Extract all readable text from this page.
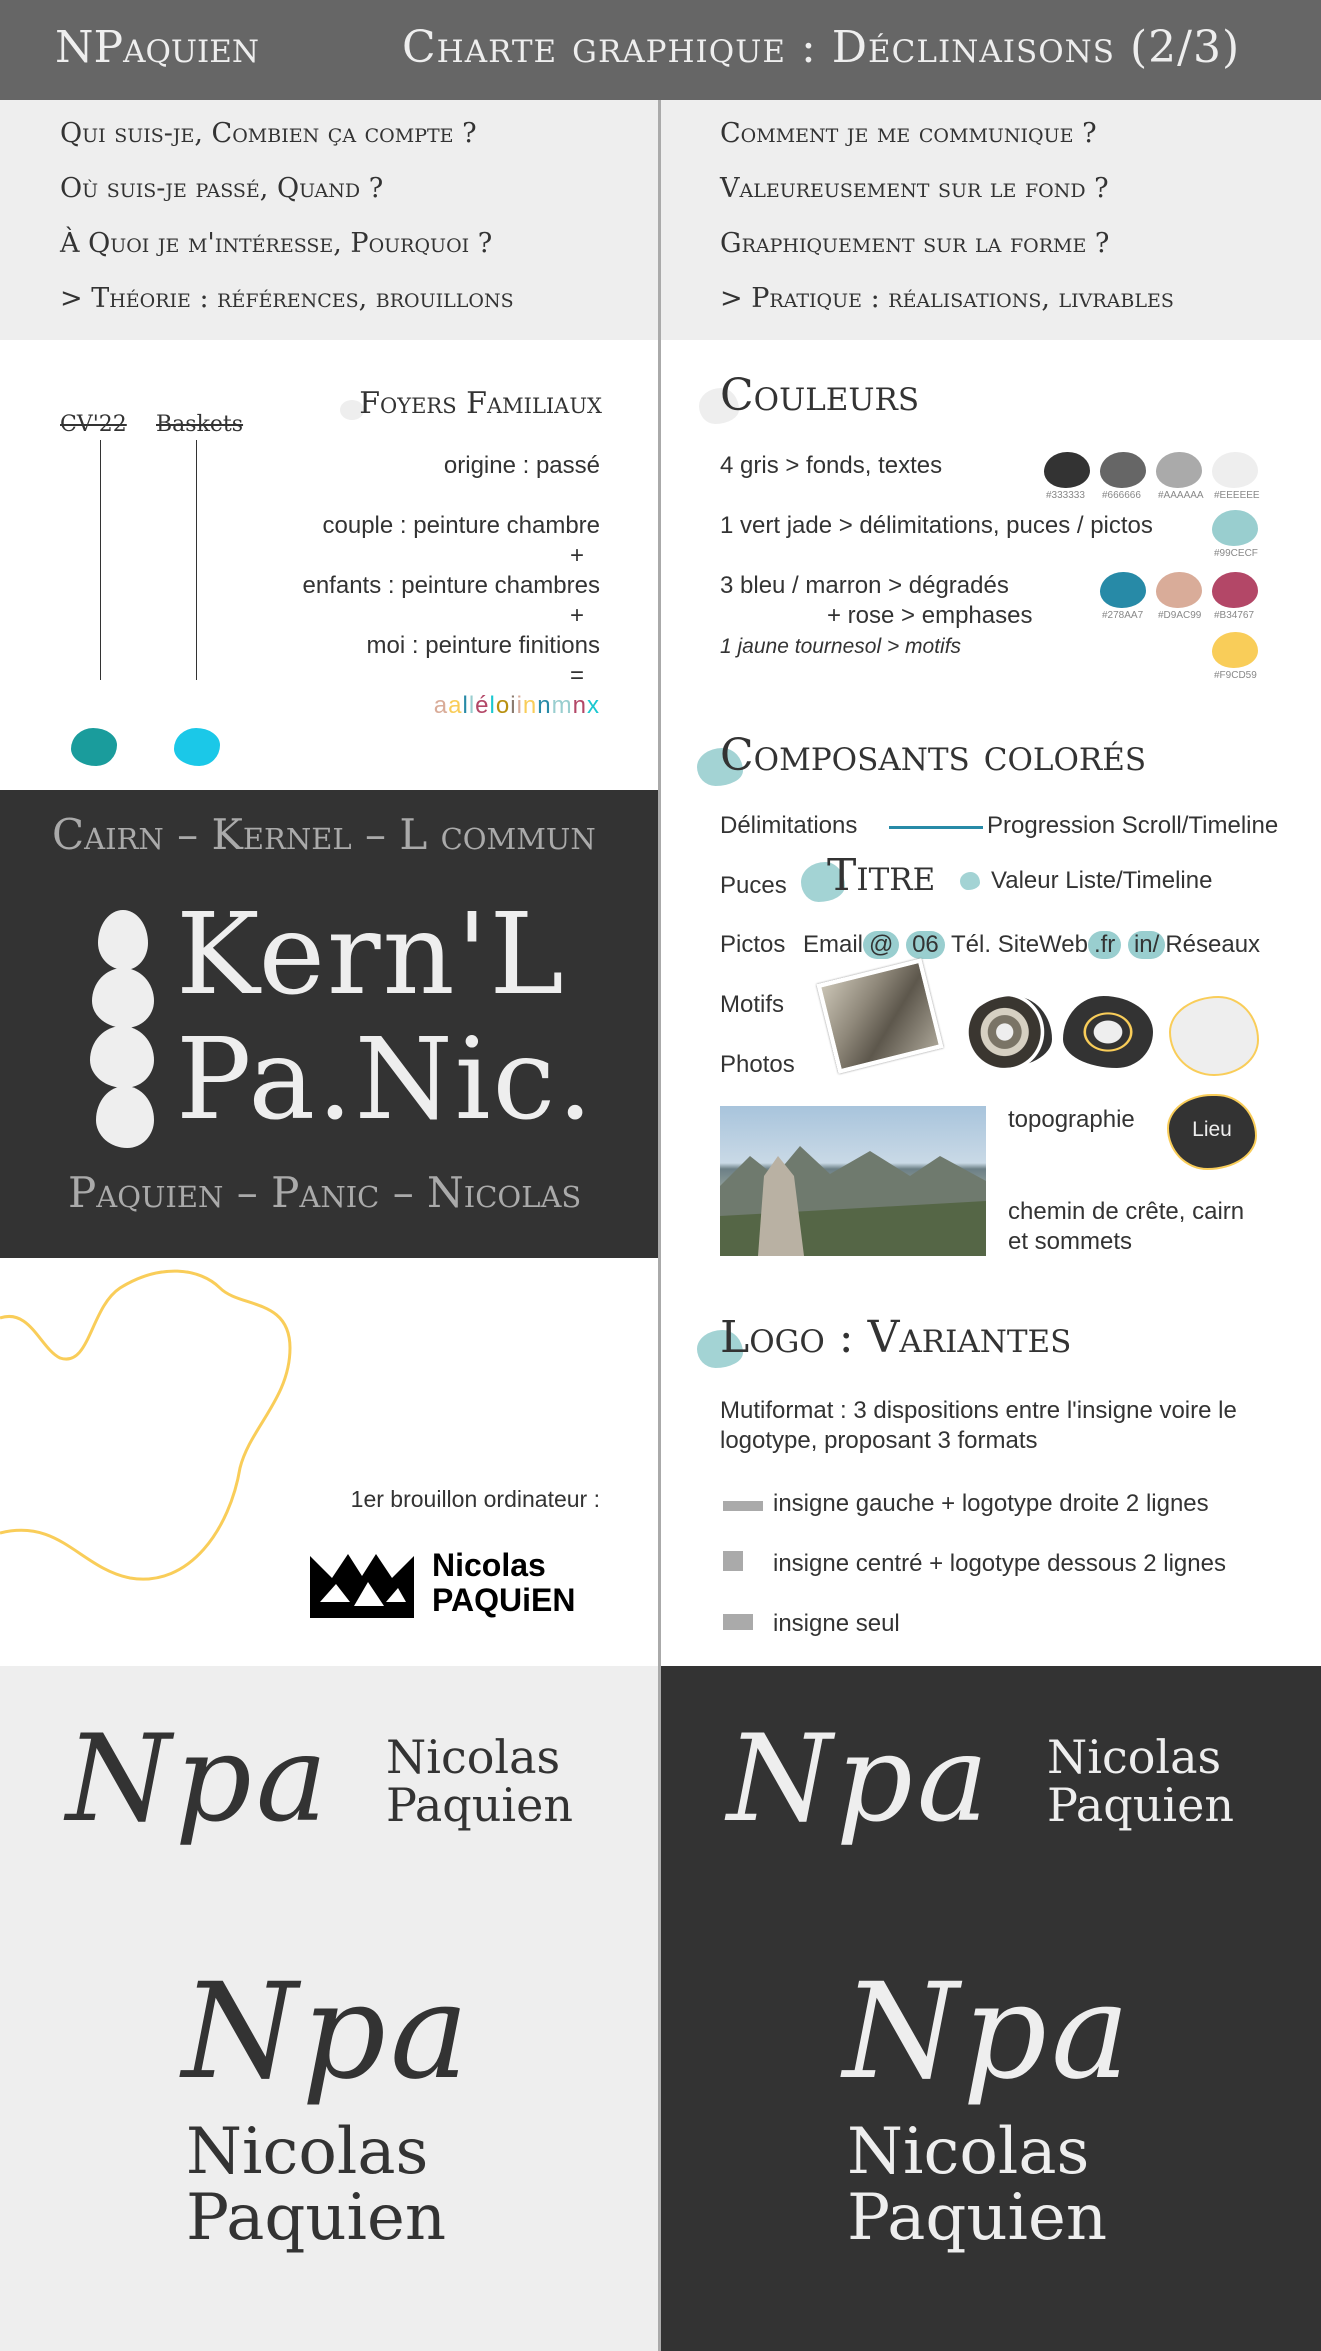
NPaquien	Charte graphique : Déclinaisons (2/3)
Qui suis-je, Combien ça compte ?
Où suis-je passé, Quand ?
À Quoi je m'intéresse, Pourquoi ?
> Théorie : références, brouillons
Comment je me communique ?
Valeureusement sur le fond ?
Graphiquement sur la forme ?
> Pratique : réalisations, livrables
CV'22 Baskets
Foyers Familiaux
origine : passé
couple : peinture chambre
+
enfants : peinture chambres
+
moi : peinture finitions
=
aalléloiinnmnx
Cairn – Kernel – L commun
Kern'L
Pa.Nic.
Paquien – Panic – Nicolas
1er brouillon ordinateur :
Nicolas
PAQUiEN
Couleurs
4 gris > fonds, textes
1 vert jade > délimitations, puces / pictos
3 bleu / marron > dégradés
+ rose > emphases
1 jaune tournesol > motifs
#333333 #666666 #AAAAAA #EEEEEE
#99CECF
#278AA7 #D9AC99 #B34767
#F9CD59
Composants colorés
Délimitations	Progression Scroll/Timeline
Puces Titre Valeur Liste/Timeline
Pictos Email @ 06 Tél. SiteWeb .fr in/ Réseaux
Motifs
Photos
topographie	Lieu
chemin de crête, cairn et sommets
Logo : Variantes
Mutiformat : 3 dispositions entre l'insigne voire le logotype, proposant 3 formats
insigne gauche + logotype droite 2 lignes
insigne centré + logotype dessous 2 lignes
insigne seul
Npa Nicolas
Paquien
Npa
Nicolas
Paquien
Npa Nicolas
Paquien
Npa
Nicolas
Paquien
